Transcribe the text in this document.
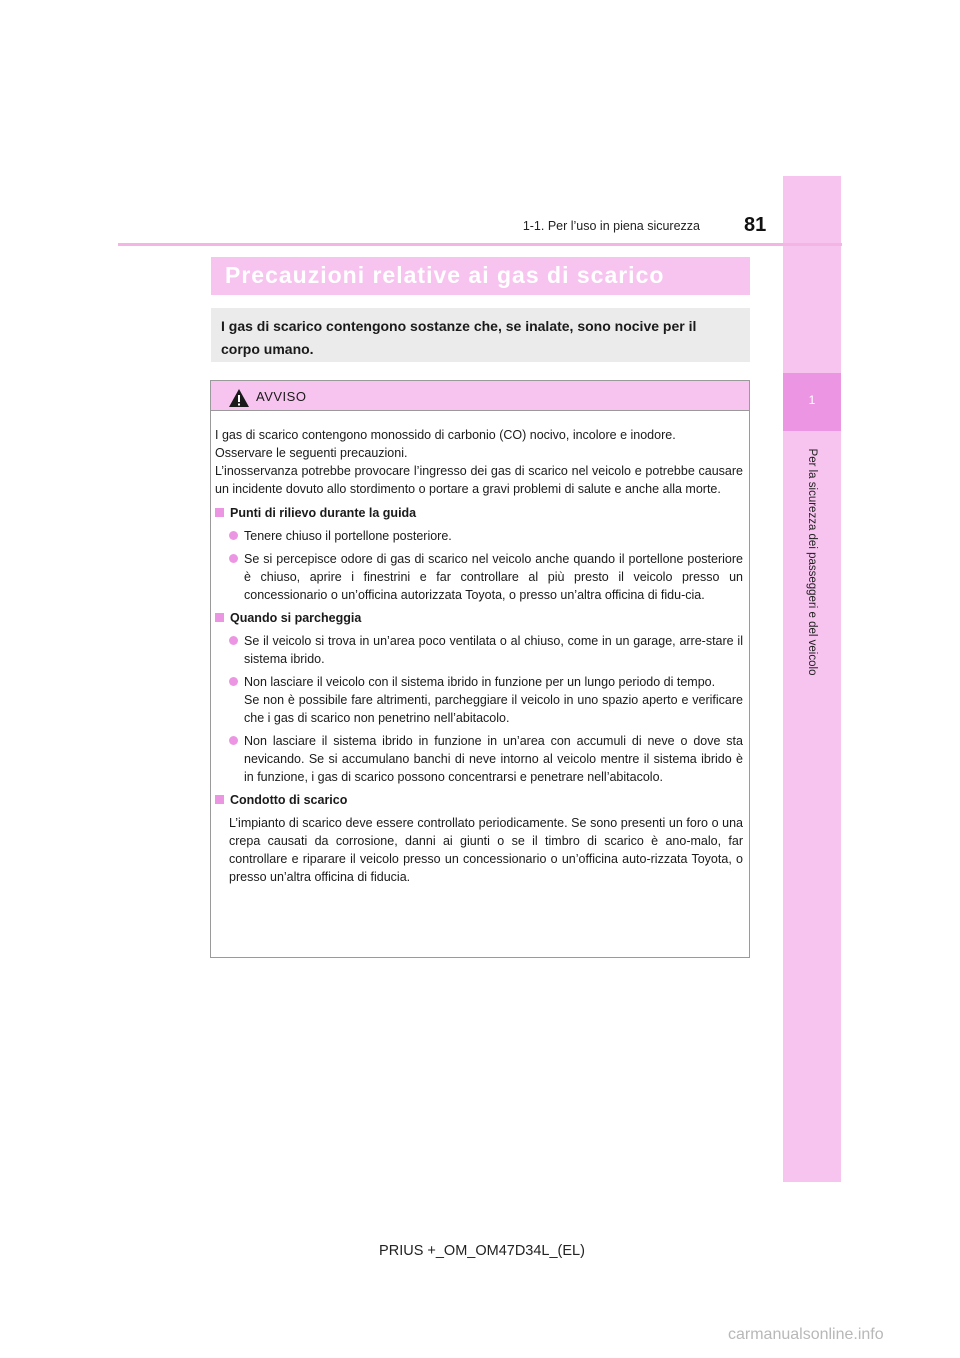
1
Per la sicurezza dei passeggeri e del veicolo
1-1. Per l’uso in piena sicurezza 81
Precauzioni relative ai gas di scarico
I gas di scarico contengono sostanze che, se inalate, sono nocive per il
corpo umano.
AVVISO
I gas di scarico contengono monossido di carbonio (CO) nocivo, incolore e inodore.
Osservare le seguenti precauzioni.
L’inosservanza potrebbe provocare l’ingresso dei gas di scarico nel veicolo e potrebbe causare un incidente dovuto allo stordimento o portare a gravi problemi di salute e anche alla morte.
Punti di rilievo durante la guida
Tenere chiuso il portellone posteriore.
Se si percepisce odore di gas di scarico nel veicolo anche quando il portellone posteriore è chiuso, aprire i finestrini e far controllare al più presto il veicolo presso un concessionario o un’officina autorizzata Toyota, o presso un’altra officina di fidu-cia.
Quando si parcheggia
Se il veicolo si trova in un’area poco ventilata o al chiuso, come in un garage, arre-stare il sistema ibrido.
Non lasciare il veicolo con il sistema ibrido in funzione per un lungo periodo di tempo.
Se non è possibile fare altrimenti, parcheggiare il veicolo in uno spazio aperto e verificare che i gas di scarico non penetrino nell’abitacolo.
Non lasciare il sistema ibrido in funzione in un’area con accumuli di neve o dove sta nevicando. Se si accumulano banchi di neve intorno al veicolo mentre il sistema ibrido è in funzione, i gas di scarico possono concentrarsi e penetrare nell’abitacolo.
Condotto di scarico
L’impianto di scarico deve essere controllato periodicamente. Se sono presenti un foro o una crepa causati da corrosione, danni ai giunti o se il timbro di scarico è ano-malo, far controllare e riparare il veicolo presso un concessionario o un’officina auto-rizzata Toyota, o presso un’altra officina di fiducia.
PRIUS +_OM_OM47D34L_(EL)
carmanualsonline.info
